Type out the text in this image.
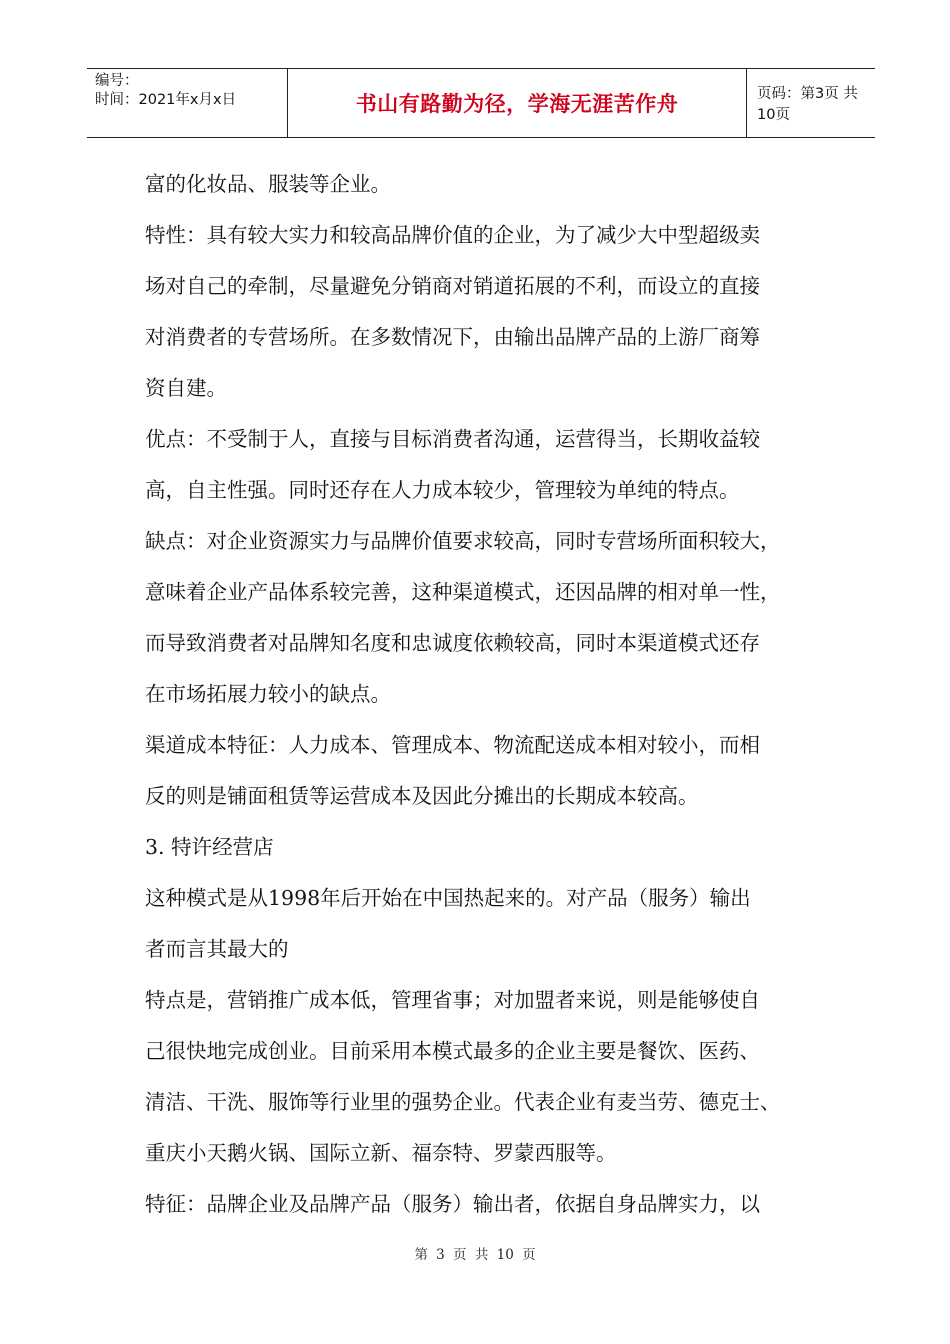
编号：
时间：2021年x月x日	书山有路勤为径，学海无涯苦作舟	页码：第3页 共10页
富的化妆品、服装等企业。
特性：具有较大实力和较高品牌价值的企业，为了减少大中型超级卖
场对自己的牵制，尽量避免分销商对销道拓展的不利，而设立的直接
对消费者的专营场所。在多数情况下，由输出品牌产品的上游厂商筹
资自建。
优点：不受制于人，直接与目标消费者沟通，运营得当，长期收益较
高，自主性强。同时还存在人力成本较少，管理较为单纯的特点。
缺点：对企业资源实力与品牌价值要求较高，同时专营场所面积较大，
意味着企业产品体系较完善，这种渠道模式，还因品牌的相对单一性，
而导致消费者对品牌知名度和忠诚度依赖较高，同时本渠道模式还存
在市场拓展力较小的缺点。
渠道成本特征：人力成本、管理成本、物流配送成本相对较小，而相
反的则是铺面租赁等运营成本及因此分摊出的长期成本较高。
3. 特许经营店
这种模式是从1998年后开始在中国热起来的。对产品（服务）输出
者而言其最大的
特点是，营销推广成本低，管理省事；对加盟者来说，则是能够使自
己很快地完成创业。目前采用本模式最多的企业主要是餐饮、医药、
清洁、干洗、服饰等行业里的强势企业。代表企业有麦当劳、德克士、
重庆小天鹅火锅、国际立新、福奈特、罗蒙西服等。
特征：品牌企业及品牌产品（服务）输出者，依据自身品牌实力，以
第 3 页 共 10 页
